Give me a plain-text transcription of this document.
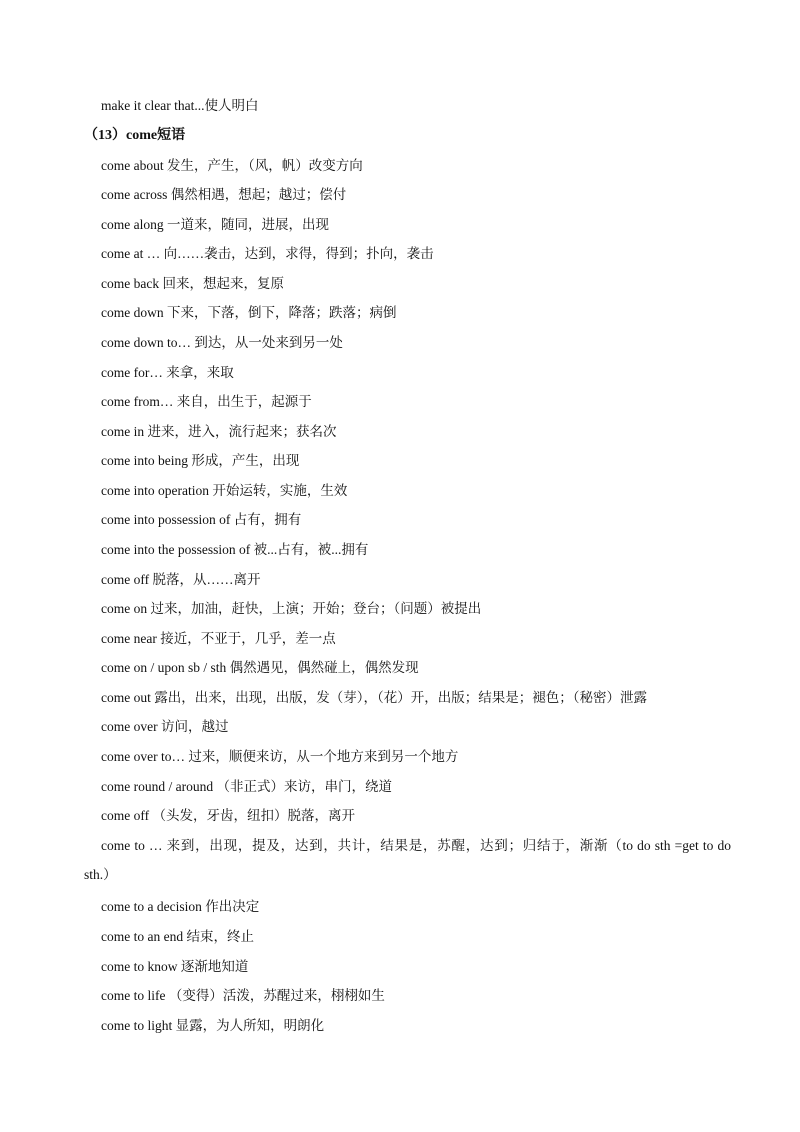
make it clear that...使人明白
（13）come短语
come about 发生，产生，（风，帆）改变方向
come across 偶然相遇，想起；越过；偿付
come along 一道来，随同，进展，出现
come at … 向……袭击，达到，求得，得到；扑向，袭击
come back 回来，想起来，复原
come down 下来，下落，倒下，降落；跌落；病倒
come down to… 到达，从一处来到另一处
come for… 来拿，来取
come from… 来自，出生于，起源于
come in 进来，进入，流行起来；获名次
come into being 形成，产生，出现
come into operation 开始运转，实施，生效
come into possession of 占有，拥有
come into the possession of 被...占有，被...拥有
come off 脱落，从……离开
come on 过来，加油，赶快，上演；开始；登台；（问题）被提出
come near 接近，不亚于，几乎，差一点
come on / upon sb / sth 偶然遇见，偶然碰上，偶然发现
come out 露出，出来，出现，出版，发（芽），（花）开，出版；结果是；褪色；（秘密）泄露
come over 访问，越过
come over to… 过来，顺便来访，从一个地方来到另一个地方
come round / around （非正式）来访，串门，绕道
come off （头发，牙齿，纽扣）脱落，离开
come to … 来到，出现，提及，达到，共计，结果是，苏醒，达到；归结于，渐渐（to do sth =get to do
sth.）
come to a decision 作出决定
come to an end 结束，终止
come to know 逐渐地知道
come to life （变得）活泼，苏醒过来，栩栩如生
come to light 显露，为人所知，明朗化
